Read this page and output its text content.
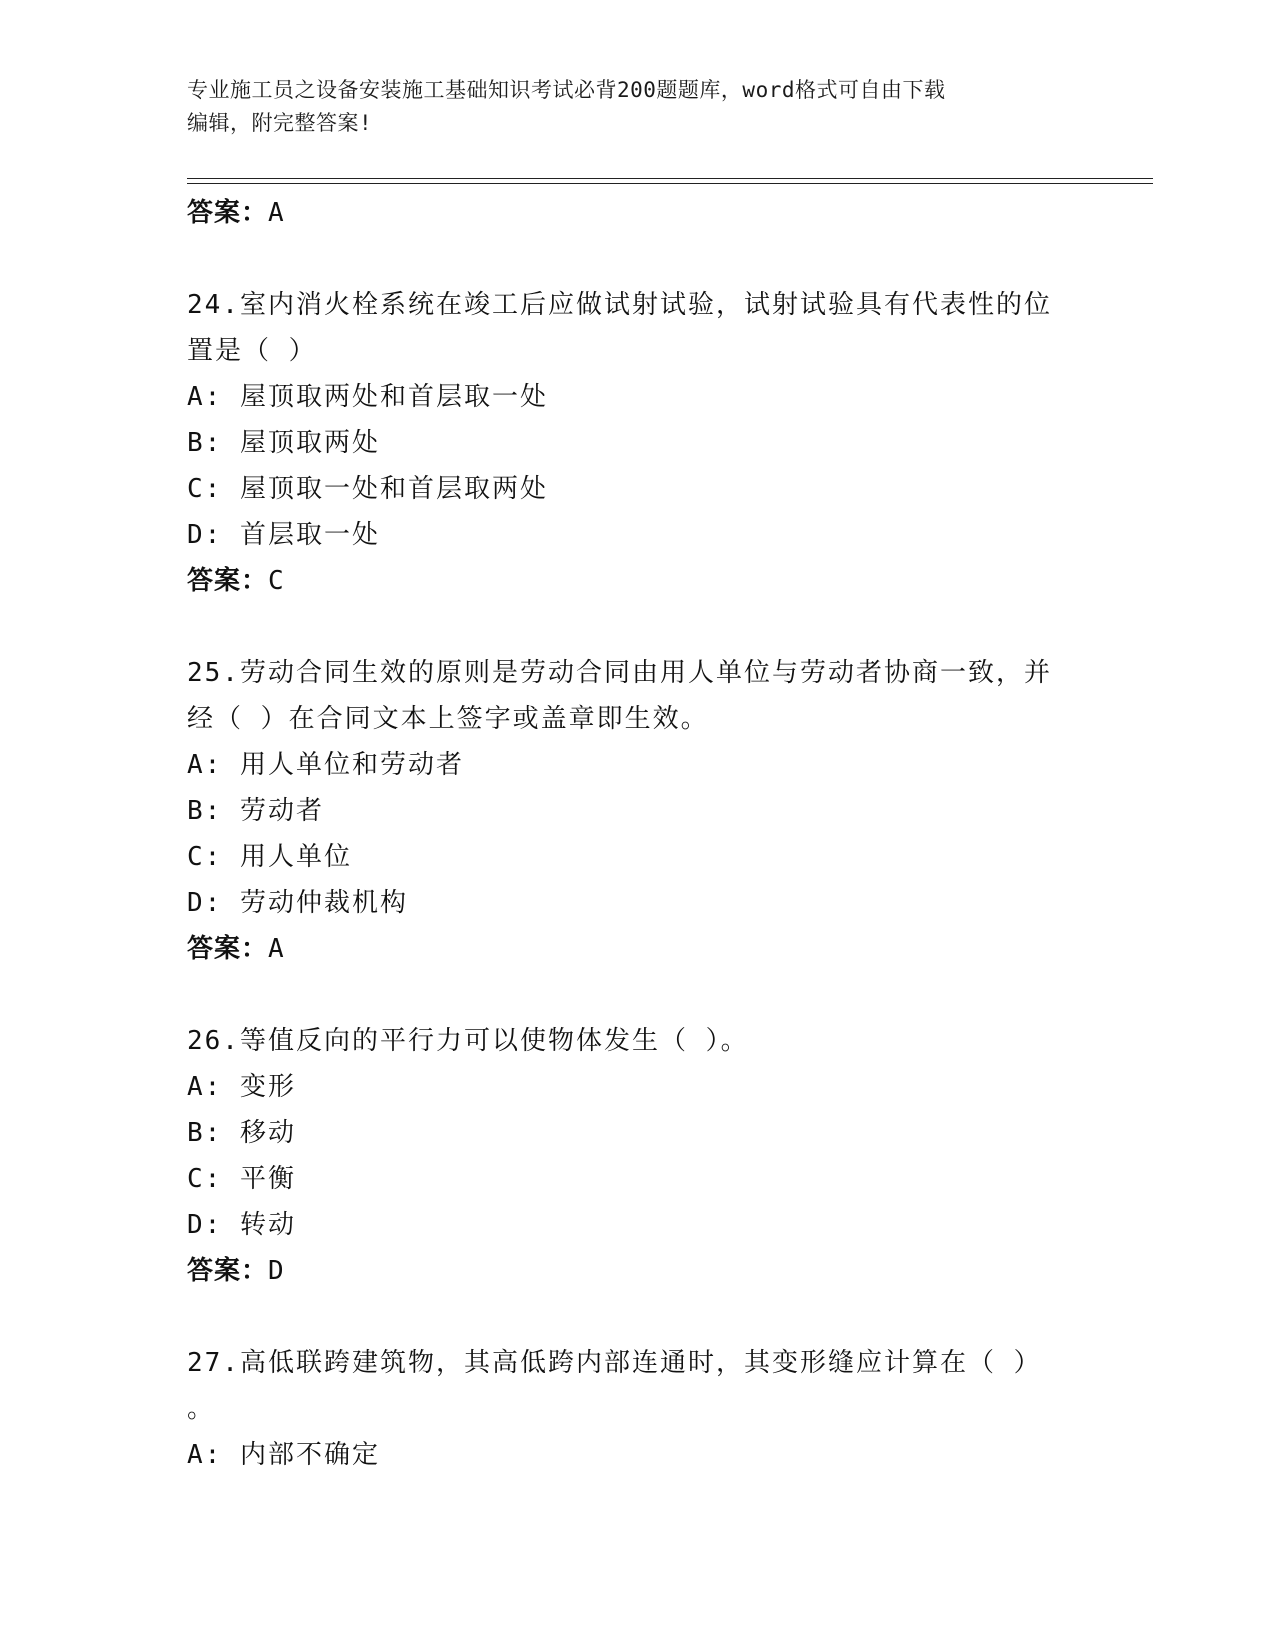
专业施工员之设备安装施工基础知识考试必背200题题库，word格式可自由下载
编辑，附完整答案!
答案：A

24.室内消火栓系统在竣工后应做试射试验，试射试验具有代表性的位

置是（ ）

A: 屋顶取两处和首层取一处

B: 屋顶取两处

C: 屋顶取一处和首层取两处

D: 首层取一处

答案：C

25.劳动合同生效的原则是劳动合同由用人单位与劳动者协商一致，并

经（ ）在合同文本上签字或盖章即生效。

A: 用人单位和劳动者

B: 劳动者

C: 用人单位

D: 劳动仲裁机构

答案：A

26.等值反向的平行力可以使物体发生（ ）。

A: 变形

B: 移动

C: 平衡

D: 转动

答案：D

27.高低联跨建筑物，其高低跨内部连通时，其变形缝应计算在（ ）

。

A: 内部不确定
